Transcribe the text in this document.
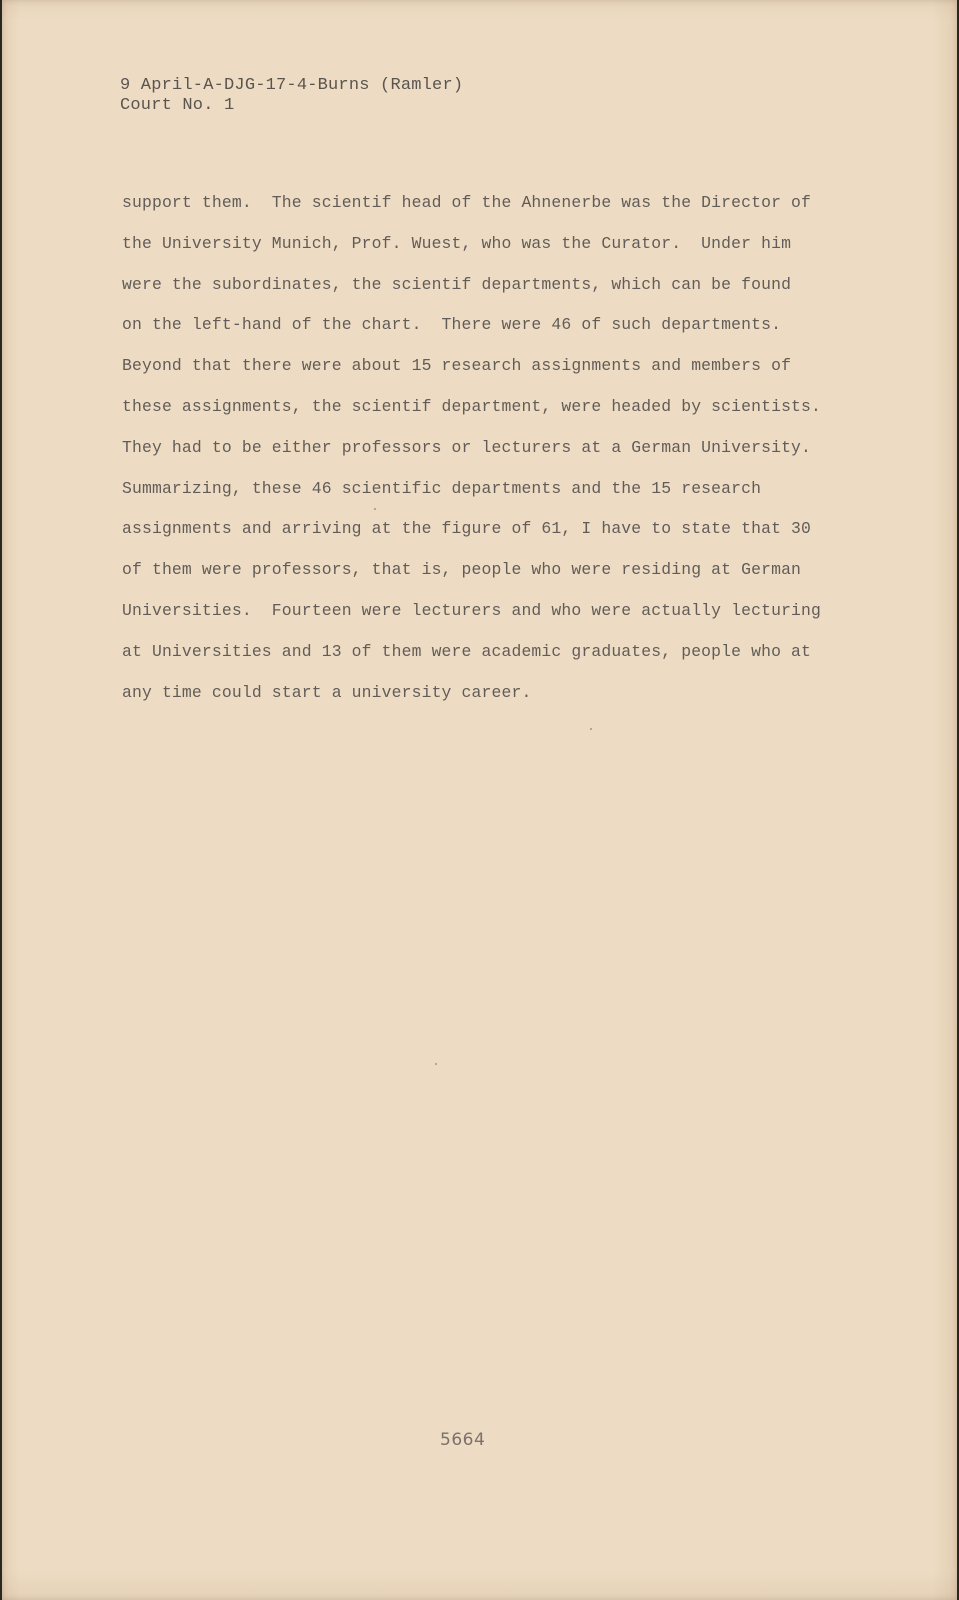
9 April-A-DJG-17-4-Burns (Ramler)
Court No. 1
support them.  The scientif head of the Ahnenerbe was the Director of
the University Munich, Prof. Wuest, who was the Curator.  Under him
were the subordinates, the scientif departments, which can be found
on the left-hand of the chart.  There were 46 of such departments.
Beyond that there were about 15 research assignments and members of
these assignments, the scientif department, were headed by scientists.
They had to be either professors or lecturers at a German University.
Summarizing, these 46 scientific departments and the 15 research
assignments and arriving at the figure of 61, I have to state that 30
of them were professors, that is, people who were residing at German
Universities.  Fourteen were lecturers and who were actually lecturing
at Universities and 13 of them were academic graduates, people who at
any time could start a university career.
5664
